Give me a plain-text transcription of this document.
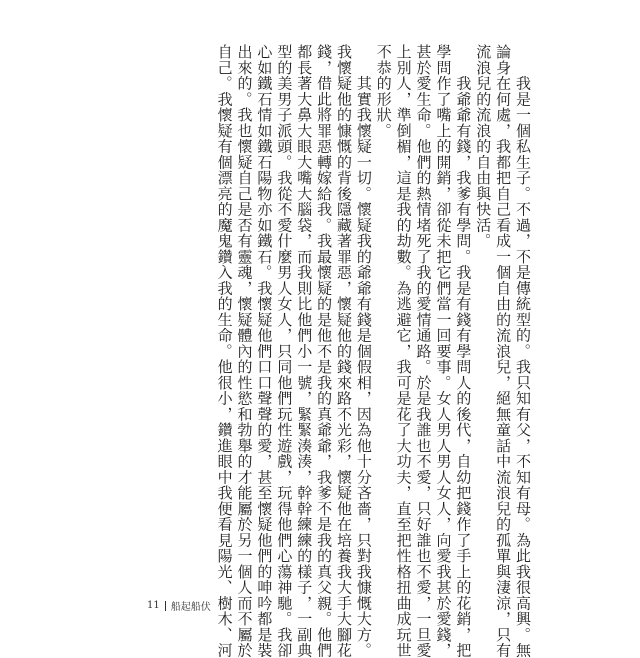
　　我是一個私生子。不過，不是傳統型的。我只知有父，不知有母。為此我很高興。無
論身在何處，我都把自己看成一個自由的流浪兒，絕無童話中流浪兒的孤單與淒涼，只有
流浪兒的流浪的自由與快活。
　　我爺爺有錢，我爹有學問。我是有錢有學問人的後代，自幼把錢作了手上的花銷，把
學問作了嘴上的開銷，卻從未把它們當一回要事。女人男人男人女人，向愛我甚於愛錢，
甚於愛生命。他們的熱情堵死了我的愛情通路。於是我誰也不愛，只好誰也不愛，一旦愛
上別人，準倒楣，這是我的劫數。為逃避它，我可是花了大功夫，直至把性格扭曲成玩世
不恭的形狀。
　　其實我懷疑一切。懷疑我的爺爺有錢是個假相，因為他十分吝嗇，只對我慷慨大方。
我懷疑他的慷慨的背後隱藏著罪惡，懷疑他的錢來路不光彩，懷疑他在培養我大手大腳花
錢，借此將罪惡轉嫁給我。我最懷疑的是他不是我的真爺爺，我爹不是我的真父親。他們
都長著大鼻大眼大嘴大腦袋，而我則比他們小一號，緊緊湊湊，幹幹練練的樣子，一副典
型的美男子派頭。我從不愛什麼男人女人，只同他們玩性遊戲，玩得他們心蕩神馳。我卻
心如鐵石情如鐵石陽物亦如鐵石。我懷疑他們口口聲聲的愛，甚至懷疑他們的呻吟都是裝
出來的。我也懷疑自己是否有靈魂，懷疑體內的性慾和勃舉的才能屬於另一個人而不屬於
自己。我懷疑有個漂亮的魔鬼鑽入我的生命。他很小，鑽進眼中我便看見陽光、樹木、河
11 船起船伏
